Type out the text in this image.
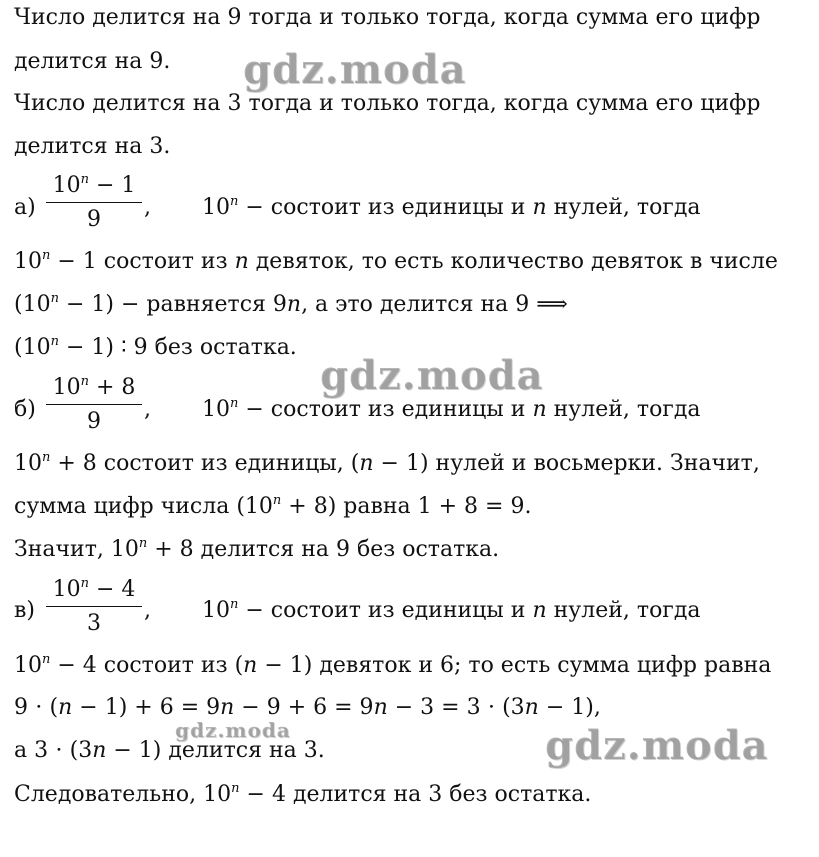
Число делится на 9 тогда и только тогда, когда сумма его цифр
делится на 9.
Число делится на 3 тогда и только тогда, когда сумма его цифр
делится на 3.
а)
$10^n - 1$
9	, $10^n$ − состоит из единицы и n нулей, тогда
$10^n - 1$ состоит из n девяток, то есть количество девяток в числе
$(10^n - 1)$ − равняется 9n, а это делится на 9 ⟹
$(10^n - 1)$ ∶ 9 без остатка.
б)
$10^n + 8$
9	, $10^n$ − состоит из единицы и n нулей, тогда
$10^n + 8$ состоит из единицы, (n − 1) нулей и восьмерки. Значит,
сумма цифр числа $(10^n + 8)$ равна 1 + 8 = 9.
Значит, $10^n + 8$ делится на 9 без остатка.
в)
$10^n - 4$
3
, $10^n$ − состоит из единицы и n нулей, тогда
$10^n - 4$ состоит из (n − 1) девяток и 6; то есть сумма цифр равна
9 ⋅ (n − 1) + 6 = 9n − 9 + 6 = 9n − 3 = 3 ⋅ (3n − 1),
а 3 ⋅ (3n − 1) делится на 3.
Следовательно, $10^n - 4$ делится на 3 без остатка.
gdz.moda
gdz.moda
gdz.moda	gdz.moda
